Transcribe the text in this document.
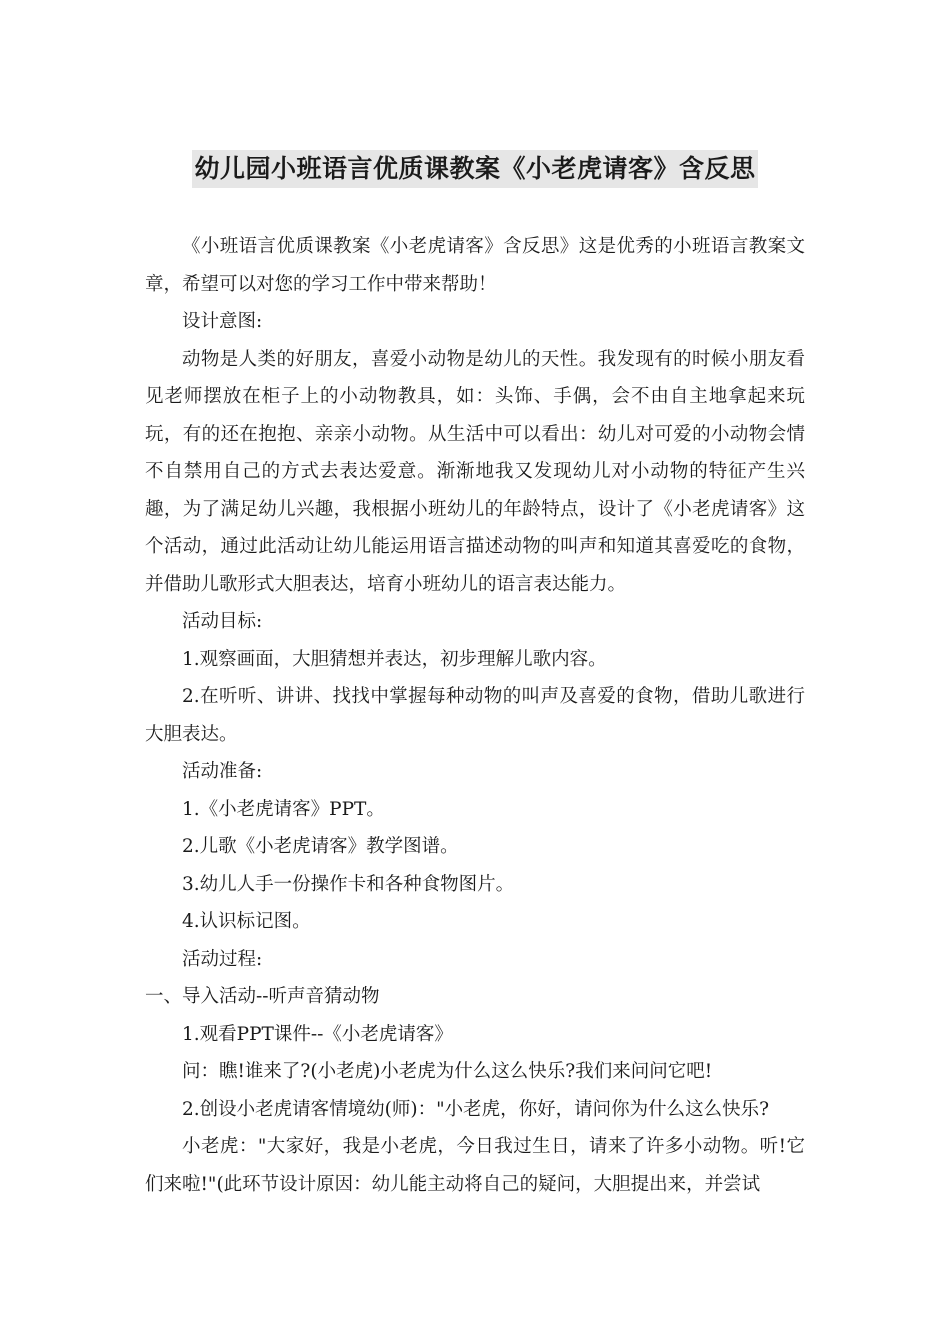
幼儿园小班语言优质课教案《小老虎请客》含反思

《小班语言优质课教案《小老虎请客》含反思》这是优秀的小班语言教案文章，希望可以对您的学习工作中带来帮助！

设计意图:

动物是人类的好朋友，喜爱小动物是幼儿的天性。我发现有的时候小朋友看见老师摆放在柜子上的小动物教具，如：头饰、手偶，会不由自主地拿起来玩玩，有的还在抱抱、亲亲小动物。从生活中可以看出：幼儿对可爱的小动物会情不自禁用自己的方式去表达爱意。渐渐地我又发现幼儿对小动物的特征产生兴趣，为了满足幼儿兴趣，我根据小班幼儿的年龄特点，设计了《小老虎请客》这个活动，通过此活动让幼儿能运用语言描述动物的叫声和知道其喜爱吃的食物，并借助儿歌形式大胆表达，培育小班幼儿的语言表达能力。

活动目标:

1.观察画面，大胆猜想并表达，初步理解儿歌内容。

2.在听听、讲讲、找找中掌握每种动物的叫声及喜爱的食物，借助儿歌进行大胆表达。

活动准备:

1.《小老虎请客》PPT。

2.儿歌《小老虎请客》教学图谱。

3.幼儿人手一份操作卡和各种食物图片。

4.认识标记图。

活动过程:

一、导入活动--听声音猜动物

1.观看PPT课件--《小老虎请客》

问：瞧!谁来了?(小老虎)小老虎为什么这么快乐?我们来问问它吧!

2.创设小老虎请客情境幼(师)："小老虎，你好，请问你为什么这么快乐?

小老虎："大家好，我是小老虎，今日我过生日，请来了许多小动物。听!它们来啦!"(此环节设计原因：幼儿能主动将自己的疑问，大胆提出来，并尝试
